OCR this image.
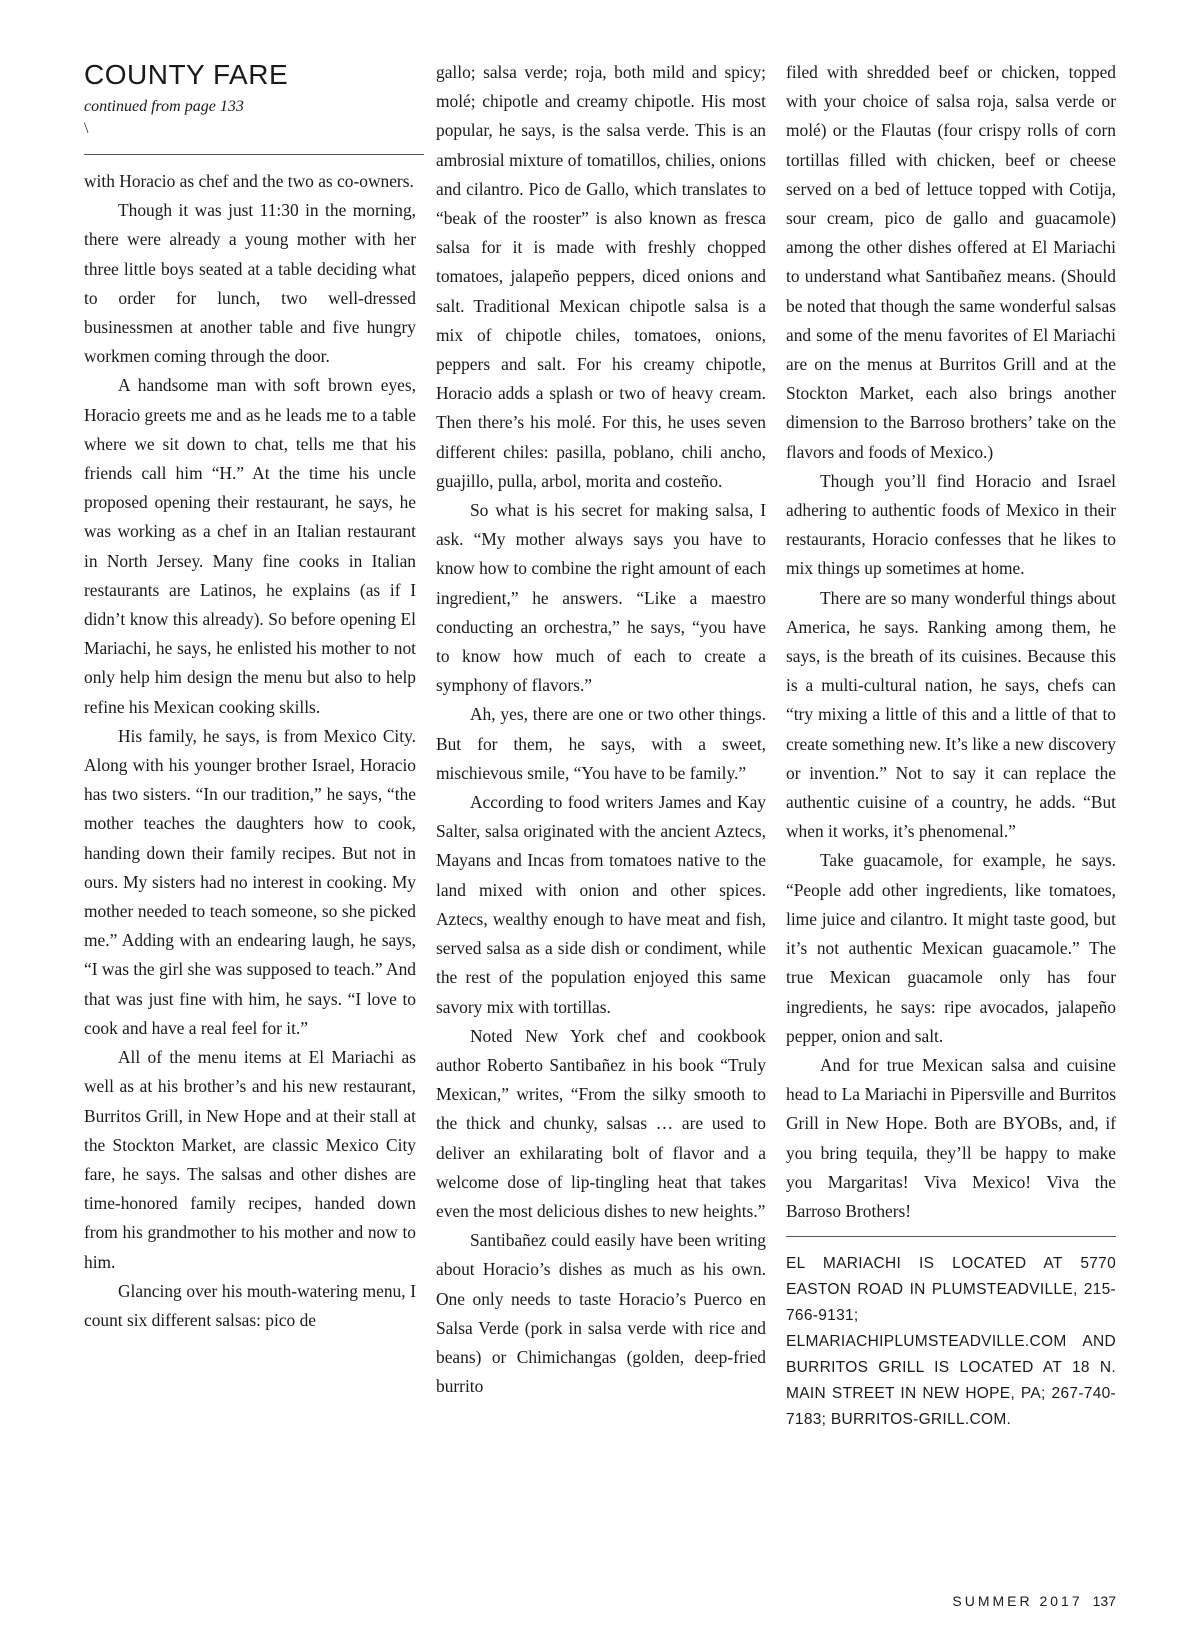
COUNTY FARE

continued from page 133

\

with Horacio as chef and the two as co-owners.

Though it was just 11:30 in the morning, there were already a young mother with her three little boys seated at a table deciding what to order for lunch, two well-dressed businessmen at another table and five hungry workmen coming through the door.

A handsome man with soft brown eyes, Horacio greets me and as he leads me to a table where we sit down to chat, tells me that his friends call him “H.” At the time his uncle proposed opening their restaurant, he says, he was working as a chef in an Italian restaurant in North Jersey. Many fine cooks in Italian restaurants are Latinos, he explains (as if I didn’t know this already). So before opening El Mariachi, he says, he enlisted his mother to not only help him design the menu but also to help refine his Mexican cooking skills.

His family, he says, is from Mexico City. Along with his younger brother Israel, Horacio has two sisters. “In our tradition,” he says, “the mother teaches the daughters how to cook, handing down their family recipes. But not in ours. My sisters had no interest in cooking. My mother needed to teach someone, so she picked me.” Adding with an endearing laugh, he says, “I was the girl she was supposed to teach.” And that was just fine with him, he says. “I love to cook and have a real feel for it.”

All of the menu items at El Mariachi as well as at his brother’s and his new restaurant, Burritos Grill, in New Hope and at their stall at the Stockton Market, are classic Mexico City fare, he says. The salsas and other dishes are time-honored family recipes, handed down from his grandmother to his mother and now to him.

Glancing over his mouth-watering menu, I count six different salsas: pico de

gallo; salsa verde; roja, both mild and spicy; molé; chipotle and creamy chipotle. His most popular, he says, is the salsa verde. This is an ambrosial mixture of tomatillos, chilies, onions and cilantro. Pico de Gallo, which translates to “beak of the rooster” is also known as fresca salsa for it is made with freshly chopped tomatoes, jalapeño peppers, diced onions and salt. Traditional Mexican chipotle salsa is a mix of chipotle chiles, tomatoes, onions, peppers and salt. For his creamy chipotle, Horacio adds a splash or two of heavy cream. Then there’s his molé. For this, he uses seven different chiles: pasilla, poblano, chili ancho, guajillo, pulla, arbol, morita and costeño.

So what is his secret for making salsa, I ask. “My mother always says you have to know how to combine the right amount of each ingredient,” he answers. “Like a maestro conducting an orchestra,” he says, “you have to know how much of each to create a symphony of flavors.”

Ah, yes, there are one or two other things. But for them, he says, with a sweet, mischievous smile, “You have to be family.”

According to food writers James and Kay Salter, salsa originated with the ancient Aztecs, Mayans and Incas from tomatoes native to the land mixed with onion and other spices. Aztecs, wealthy enough to have meat and fish, served salsa as a side dish or condiment, while the rest of the population enjoyed this same savory mix with tortillas.

Noted New York chef and cookbook author Roberto Santibañez in his book “Truly Mexican,” writes, “From the silky smooth to the thick and chunky, salsas … are used to deliver an exhilarating bolt of flavor and a welcome dose of lip-tingling heat that takes even the most delicious dishes to new heights.”

Santibañez could easily have been writing about Horacio’s dishes as much as his own. One only needs to taste Horacio’s Puerco en Salsa Verde (pork in salsa verde with rice and beans) or Chimichangas (golden, deep-fried burrito

filed with shredded beef or chicken, topped with your choice of salsa roja, salsa verde or molé) or the Flautas (four crispy rolls of corn tortillas filled with chicken, beef or cheese served on a bed of lettuce topped with Cotija, sour cream, pico de gallo and guacamole) among the other dishes offered at El Mariachi to understand what Santibañez means. (Should be noted that though the same wonderful salsas and some of the menu favorites of El Mariachi are on the menus at Burritos Grill and at the Stockton Market, each also brings another dimension to the Barroso brothers’ take on the flavors and foods of Mexico.)

Though you’ll find Horacio and Israel adhering to authentic foods of Mexico in their restaurants, Horacio confesses that he likes to mix things up sometimes at home.

There are so many wonderful things about America, he says. Ranking among them, he says, is the breath of its cuisines. Because this is a multi-cultural nation, he says, chefs can “try mixing a little of this and a little of that to create something new. It’s like a new discovery or invention.” Not to say it can replace the authentic cuisine of a country, he adds. “But when it works, it’s phenomenal.”

Take guacamole, for example, he says. “People add other ingredients, like tomatoes, lime juice and cilantro. It might taste good, but it’s not authentic Mexican guacamole.” The true Mexican guacamole only has four ingredients, he says: ripe avocados, jalapeño pepper, onion and salt.

And for true Mexican salsa and cuisine head to La Mariachi in Pipersville and Burritos Grill in New Hope. Both are BYOBs, and, if you bring tequila, they’ll be happy to make you Margaritas! Viva Mexico! Viva the Barroso Brothers!

EL MARIACHI IS LOCATED AT 5770 EASTON ROAD IN PLUMSTEADVILLE, 215-766-9131; ELMARIACHIPLUMSTEADVILLE.COM AND BURRITOS GRILL IS LOCATED AT 18 N. MAIN STREET IN NEW HOPE, PA; 267-740-7183; BURRITOS-GRILL.COM.
SUMMER 2017 137
